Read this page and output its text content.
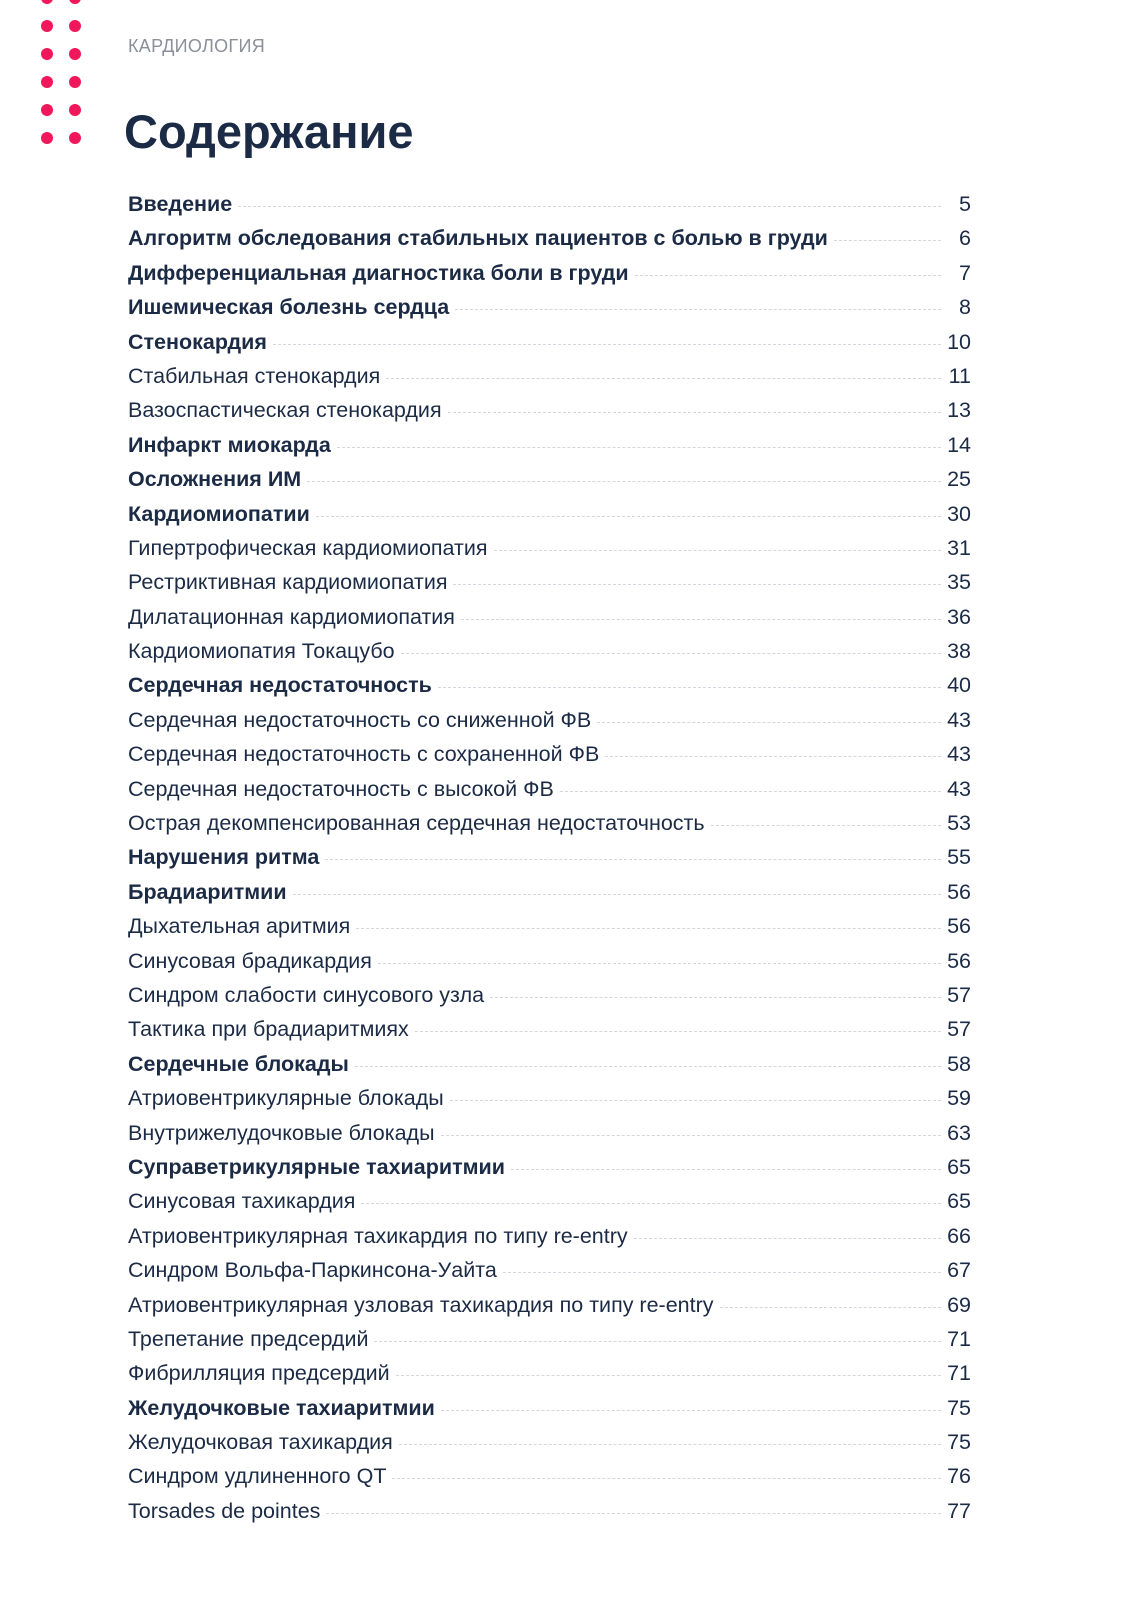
КАРДИОЛОГИЯ
Содержание
Введение	5
Алгоритм обследования стабильных пациентов с болью в груди	6
Дифференциальная диагностика боли в груди	7
Ишемическая болезнь сердца	8
Стенокардия	10
Стабильная стенокардия	11
Вазоспастическая стенокардия	13
Инфаркт миокарда	14
Осложнения ИМ	25
Кардиомиопатии	30
Гипертрофическая кардиомиопатия	31
Рестриктивная кардиомиопатия	35
Дилатационная кардиомиопатия	36
Кардиомиопатия Токацубо	38
Сердечная недостаточность	40
Сердечная недостаточность со сниженной ФВ	43
Сердечная недостаточность с сохраненной ФВ	43
Сердечная недостаточность с высокой ФВ	43
Острая декомпенсированная сердечная недостаточность	53
Нарушения ритма	55
Брадиаритмии	56
Дыхательная аритмия	56
Синусовая брадикардия	56
Синдром слабости синусового узла	57
Тактика при брадиаритмиях	57
Сердечные блокады	58
Атриовентрикулярные блокады	59
Внутрижелудочковые блокады	63
Суправетрикулярные тахиаритмии	65
Синусовая тахикардия	65
Атриовентрикулярная тахикардия по типу re-entry	66
Синдром Вольфа-Паркинсона-Уайта	67
Атриовентрикулярная узловая тахикардия по типу re-entry	69
Трепетание предсердий	71
Фибрилляция предсердий	71
Желудочковые тахиаритмии	75
Желудочковая тахикардия	75
Синдром удлиненного QT	76
Torsades de pointes	77
